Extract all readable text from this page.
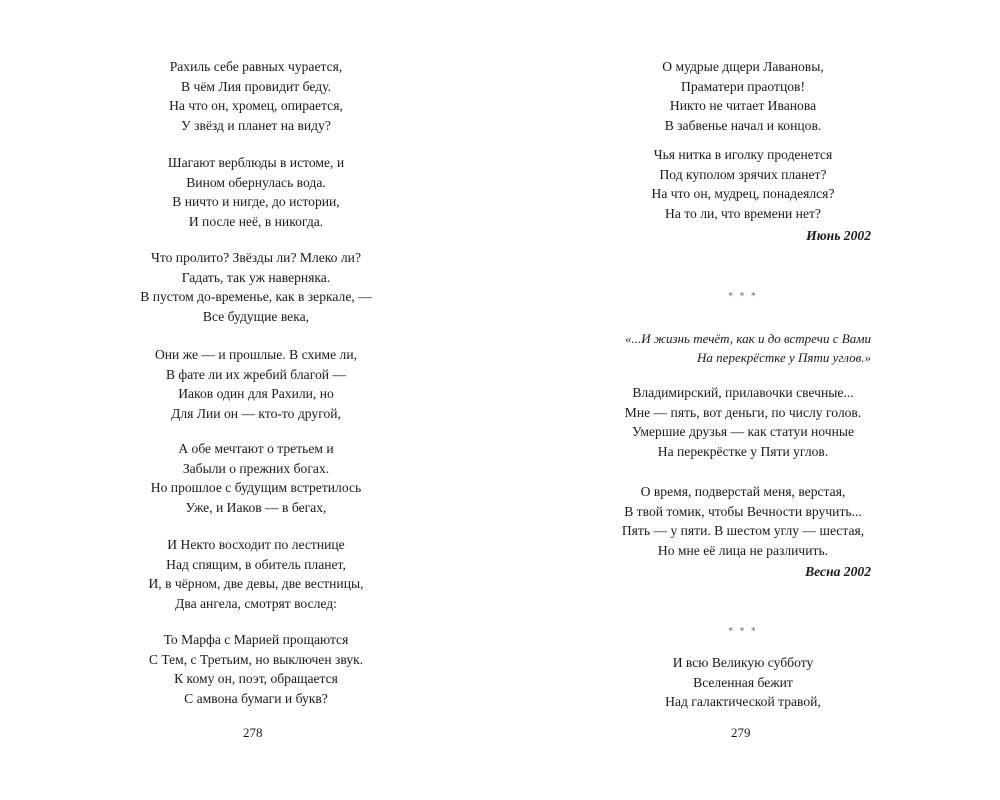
Рахиль себе равных чурается,
В чём Лия провидит беду.
На что он, хромец, опирается,
У звёзд и планет на виду?
Шагают верблюды в истоме, и
Вином обернулась вода.
В ничто и нигде, до истории,
И после неё, в никогда.
Что пролито? Звёзды ли? Млеко ли?
Гадать, так уж наверняка.
В пустом до-временье, как в зеркале, —
Все будущие века,
Они же — и прошлые. В схиме ли,
В фате ли их жребий благой —
Иаков один для Рахили, но
Для Лии он — кто-то другой,
А обе мечтают о третьем и
Забыли о прежних богах.
Но прошлое с будущим встретилось
Уже, и Иаков — в бегах,
И Некто восходит по лестнице
Над спящим, в обитель планет,
И, в чёрном, две девы, две вестницы,
Два ангела, смотрят вослед:
То Марфа с Марией прощаются
С Тем, с Третьим, но выключен звук.
К кому он, поэт, обращается
С амвона бумаги и букв?
278
О мудрые дщери Лавановы,
Праматери праотцов!
Никто не читает Иванова
В забвенье начал и концов.
Чья нитка в иголку проденется
Под куполом зрячих планет?
На что он, мудрец, понадеялся?
На то ли, что времени нет?
Июнь 2002
* * *
«...И жизнь течёт, как и до встречи с Вами
На перекрёстке у Пяти углов.»
Владимирский, прилавочки свечные...
Мне — пять, вот деньги, по числу голов.
Умершие друзья — как статуи ночные
На перекрёстке у Пяти углов.
О время, подверстай меня, верстая,
В твой томик, чтобы Вечности вручить...
Пять — у пяти. В шестом углу — шестая,
Но мне её лица не различить.
Весна 2002
* * *
И всю Великую субботу
Вселенная бежит
Над галактической травой,
279
